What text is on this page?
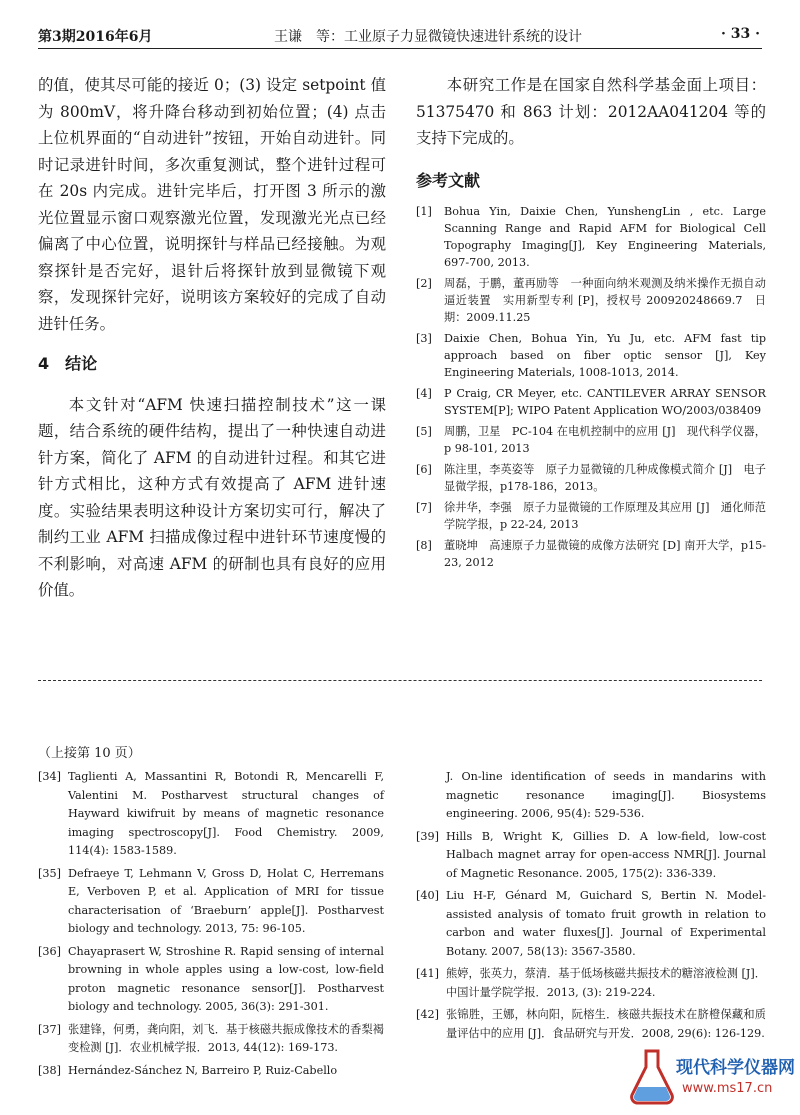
第3期2016年6月	王谦　等：工业原子力显微镜快速进针系统的设计	· 33 ·

的值，使其尽可能的接近 0；(3) 设定 setpoint 值为 800mV，将升降台移动到初始位置；(4) 点击上位机界面的“自动进针”按钮，开始自动进针。同时记录进针时间，多次重复测试，整个进针过程可在 20s 内完成。进针完毕后，打开图 3 所示的激光位置显示窗口观察激光位置，发现激光光点已经偏离了中心位置，说明探针与样品已经接触。为观察探针是否完好，退针后将探针放到显微镜下观察，发现探针完好，说明该方案较好的完成了自动进针任务。

4　结论

本文针对“AFM 快速扫描控制技术”这一课题，结合系统的硬件结构，提出了一种快速自动进针方案，简化了 AFM 的自动进针过程。和其它进针方式相比，这种方式有效提高了 AFM 进针速度。实验结果表明这种设计方案切实可行，解决了制约工业 AFM 扫描成像过程中进针环节速度慢的不利影响，对高速 AFM 的研制也具有良好的应用价值。

本研究工作是在国家自然科学基金面上项目：51375470 和 863 计划：2012AA041204 等的支持下完成的。

参考文献
[1]	Bohua Yin, Daixie Chen, YunshengLin , etc. Large Scanning Range and Rapid AFM for Biological Cell Topography Imaging[J], Key Engineering Materials, 697-700, 2013.
[2]	周磊，于鹏，董再励等　一种面向纳米观测及纳米操作无损自动逼近装置　实用新型专利 [P]，授权号 200920248669.7　日期：2009.11.25
[3]	Daixie Chen, Bohua Yin, Yu Ju, etc. AFM fast tip approach based on fiber optic sensor [J], Key Engineering Materials, 1008-1013, 2014.
[4]	P Craig, CR Meyer, etc. CANTILEVER ARRAY SENSOR SYSTEM[P]; WIPO Patent Application WO/2003/038409
[5]	周鹏，卫星　PC-104 在电机控制中的应用 [J]　现代科学仪器，p 98-101, 2013
[6]	陈注里，李英姿等　原子力显微镜的几种成像模式简介 [J]　电子显微学报，p178-186，2013。
[7]	徐井华，李强　原子力显微镜的工作原理及其应用 [J]　通化师范学院学报，p 22-24, 2013
[8]	董晓坤　高速原子力显微镜的成像方法研究 [D] 南开大学，p15-23, 2012
（上接第 10 页）
[34] Taglienti A, Massantini R, Botondi R, Mencarelli F, Valentini M. Postharvest structural changes of Hayward kiwifruit by means of magnetic resonance imaging spectroscopy[J]. Food Chemistry. 2009, 114(4): 1583-1589.
[35] Defraeye T, Lehmann V, Gross D, Holat C, Herremans E, Verboven P, et al. Application of MRI for tissue characterisation of ‘Braeburn’ apple[J]. Postharvest biology and technology. 2013, 75: 96-105.
[36] Chayaprasert W, Stroshine R. Rapid sensing of internal browning in whole apples using a low-cost, low-field proton magnetic resonance sensor[J]. Postharvest biology and technology. 2005, 36(3): 291-301.
[37] 张建锋，何勇，龚向阳，刘飞．基于核磁共振成像技术的香梨褐变检测 [J]．农业机械学报．2013, 44(12): 169-173.
[38] Hernández-Sánchez N, Barreiro P, Ruiz-Cabello
J. On-line identification of seeds in mandarins with magnetic resonance imaging[J]. Biosystems engineering. 2006, 95(4): 529-536.
[39] Hills B, Wright K, Gillies D. A low-field, low-cost Halbach magnet array for open-access NMR[J]. Journal of Magnetic Resonance. 2005, 175(2): 336-339.
[40] Liu H-F, Génard M, Guichard S, Bertin N. Model-assisted analysis of tomato fruit growth in relation to carbon and water fluxes[J]. Journal of Experimental Botany. 2007, 58(13): 3567-3580.
[41] 熊婷，张英力，蔡清．基于低场核磁共振技术的糖溶液检测 [J]．中国计量学院学报．2013, (3): 219-224.
[42] 张锦胜，王娜，林向阳，阮榕生．核磁共振技术在脐橙保藏和质量评估中的应用 [J]．食品研究与开发．2008, 29(6): 126-129.
现代科学仪器网
www.ms17.cn
